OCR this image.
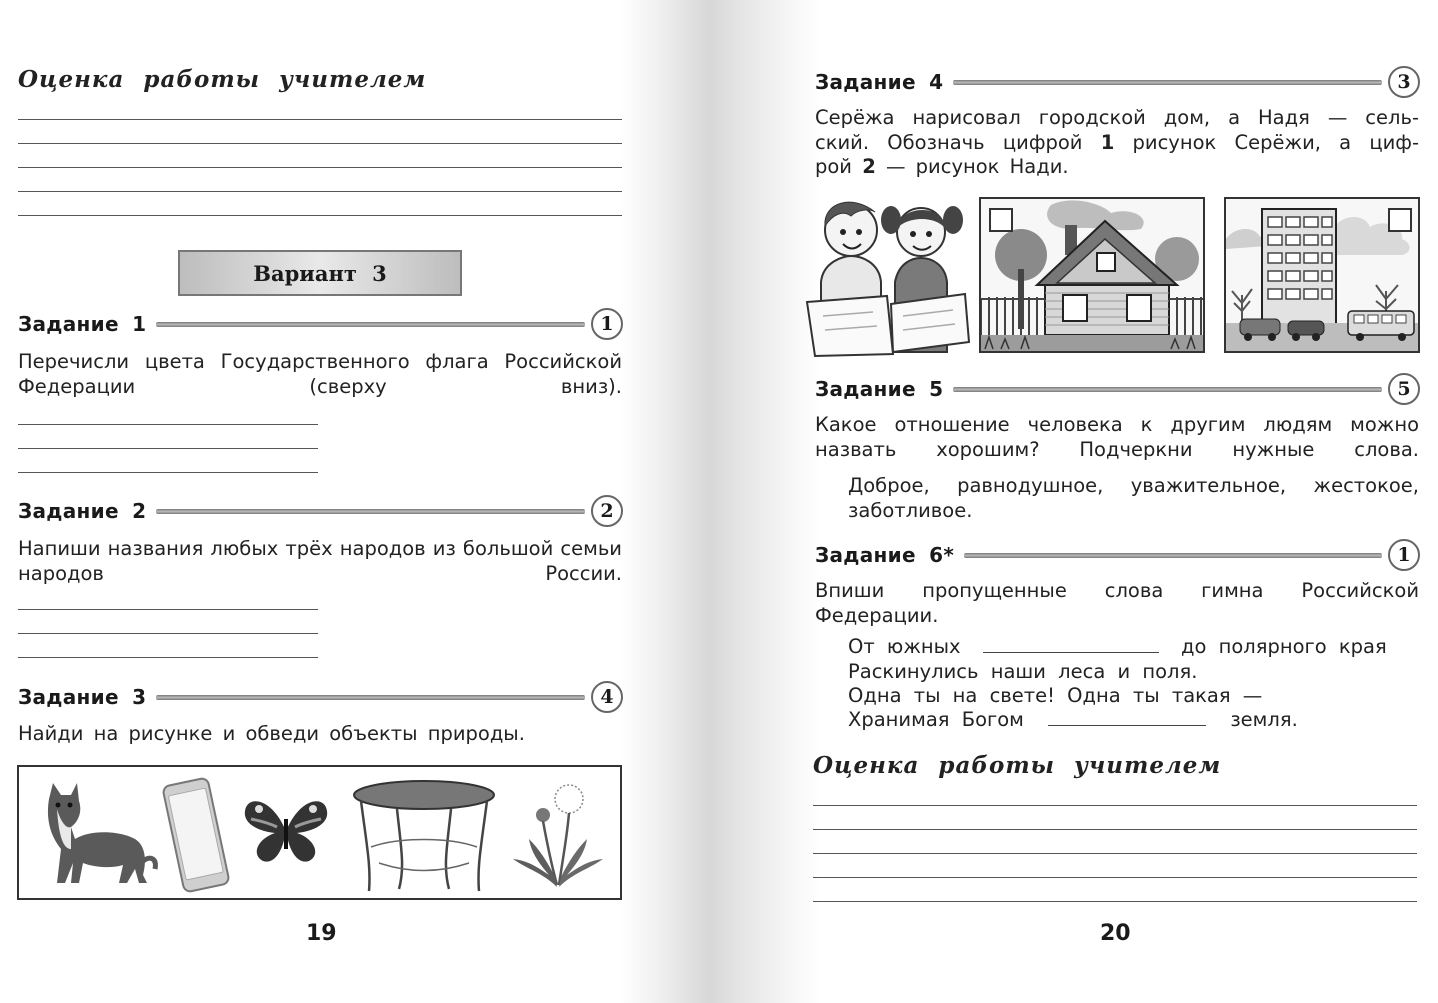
Оценка работы учителем
Вариант 3
Задание 1	1
Перечисли цвета Государственного флага Российской Федерации (сверху вниз).
Задание 2	2
Напиши названия любых трёх народов из большой семьи народов России.
Задание 3	4
Найди на рисунке и обведи объекты природы.
19
Задание 4	3
Серёжа нарисовал городской дом, а Надя — сель-
ский. Обозначь цифрой 1 рисунок Серёжи, а циф-
рой 2 — рисунок Нади.
Задание 5	5
Какое отношение человека к другим людям можно назвать хорошим? Подчеркни нужные слова.
Доброе, равнодушное, уважительное, жестокое, заботливое.
Задание 6*	1
Впиши пропущенные слова гимна Российской Федерации.
От южных	до полярного края
Раскинулись наши леса и поля.
Одна ты на свете! Одна ты такая —
Хранимая Богом	земля.
Оценка работы учителем
20
